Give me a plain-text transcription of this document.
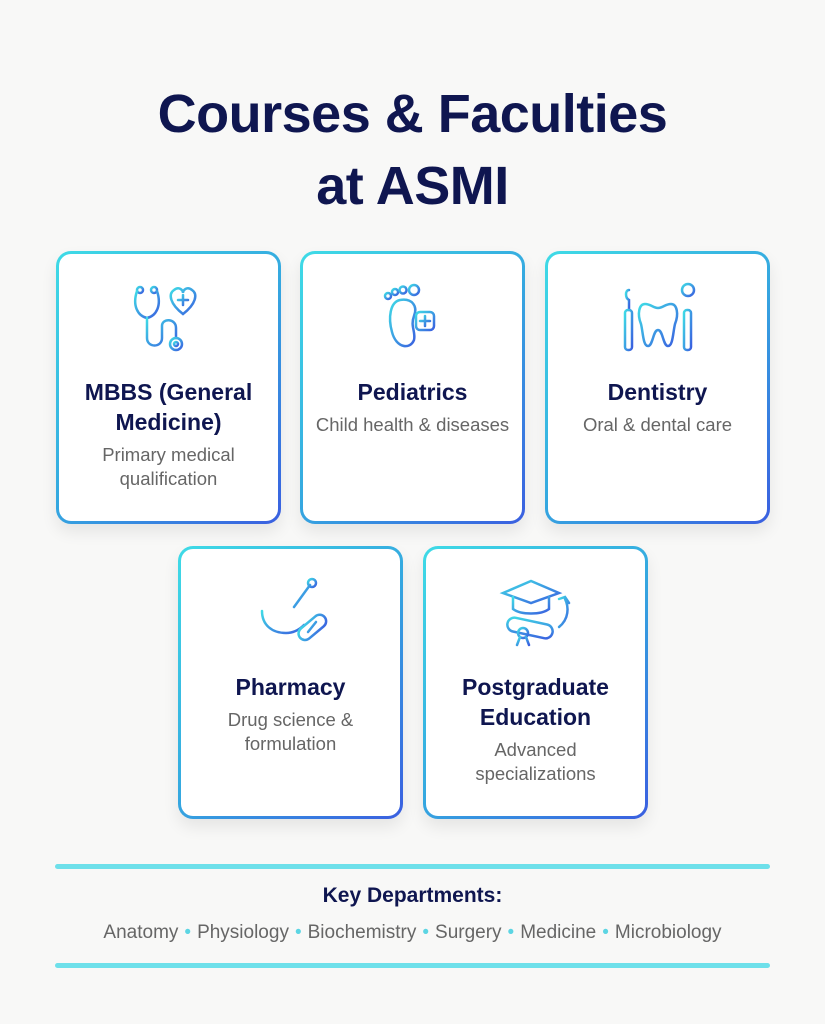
Courses & Faculties
at ASMI
MBBS (General Medicine)
Primary medical qualification
Pediatrics
Child health & diseases
Dentistry
Oral & dental care
Pharmacy
Drug science & formulation
Postgraduate Education
Advanced specializations
Key Departments:
Anatomy • Physiology • Biochemistry • Surgery • Medicine • Microbiology
